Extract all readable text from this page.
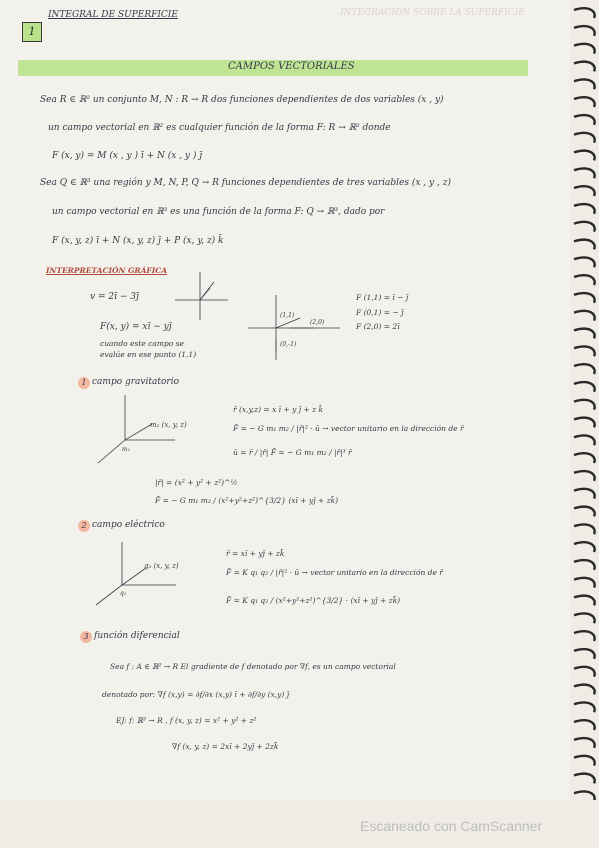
INTEGRACIÓN SOBRE LA SUPERFICIE
1
INTEGRAL DE SUPERFICIE
CAMPOS VECTORIALES
Sea R ∈ ℝ² un conjunto M, N : R → R dos funciones dependientes de dos variables (x , y)
un campo vectorial en ℝ² es cualquier función de la forma F: R → ℝ² donde
F (x, y) = M (x , y ) ī + N (x , y ) j̄
Sea Q ∈ ℝ³ una región y M, N, P, Q → R funciones dependientes de tres variables (x , y , z)
un campo vectorial en ℝ³ es una función de la forma F: Q → ℝ³, dado por
F (x, y, z) ī + N (x, y, z) j̄ + P (x, y, z) k̄
INTERPRETACIÓN GRÁFICA
v = 2ī − 3j̄
F(x, y) = xī − yj̄
cuando este campo se
evalúe en ese punto (1,1)
F (1,1) = ī − j̄
F (0,1) = − j̄
F (2,0) = 2ī
(1,1)
(2,0)
(0,-1)
m₂ (x, y, z)
m₁
q₂ (x, y, z)
q₁
1 campo gravitatorio
r̄ (x,y,z) = x ī + y j̄ + z k̄
F̄ = − G m₁ m₂ / |r̄|² · ū → vector unitario en la dirección de r̄
ū = r̄ / |r̄| F̄ = − G m₁ m₂ / |r̄|³ r̄
|r̄| = (x² + y² + z²)^½
F̄ = − G m₁ m₂ / (x²+y²+z²)^{3/2} (xī + yj̄ + zk̄)
2 campo eléctrico
r̄ = xī + yj̄ + zk̄
F̄ = K q₁ q₂ / |r̄|² · ū → vector unitario en la dirección de r̄
F̄ = K q₁ q₂ / (x²+y²+z²)^{3/2} · (xī + yj̄ + zk̄)
3 función diferencial
Sea f : A ∈ ℝ² → R El gradiente de f denotado por ∇f, es un campo vectorial
denotado por: ∇f (x,y) = ∂f/∂x (x,y) ī + ∂f/∂y (x,y) j̄
EJ: f: ℝ³ → R , f (x, y, z) = x² + y² + z²
∇f (x, y, z) = 2xī + 2yj̄ + 2zk̄
Escaneado con CamScanner
